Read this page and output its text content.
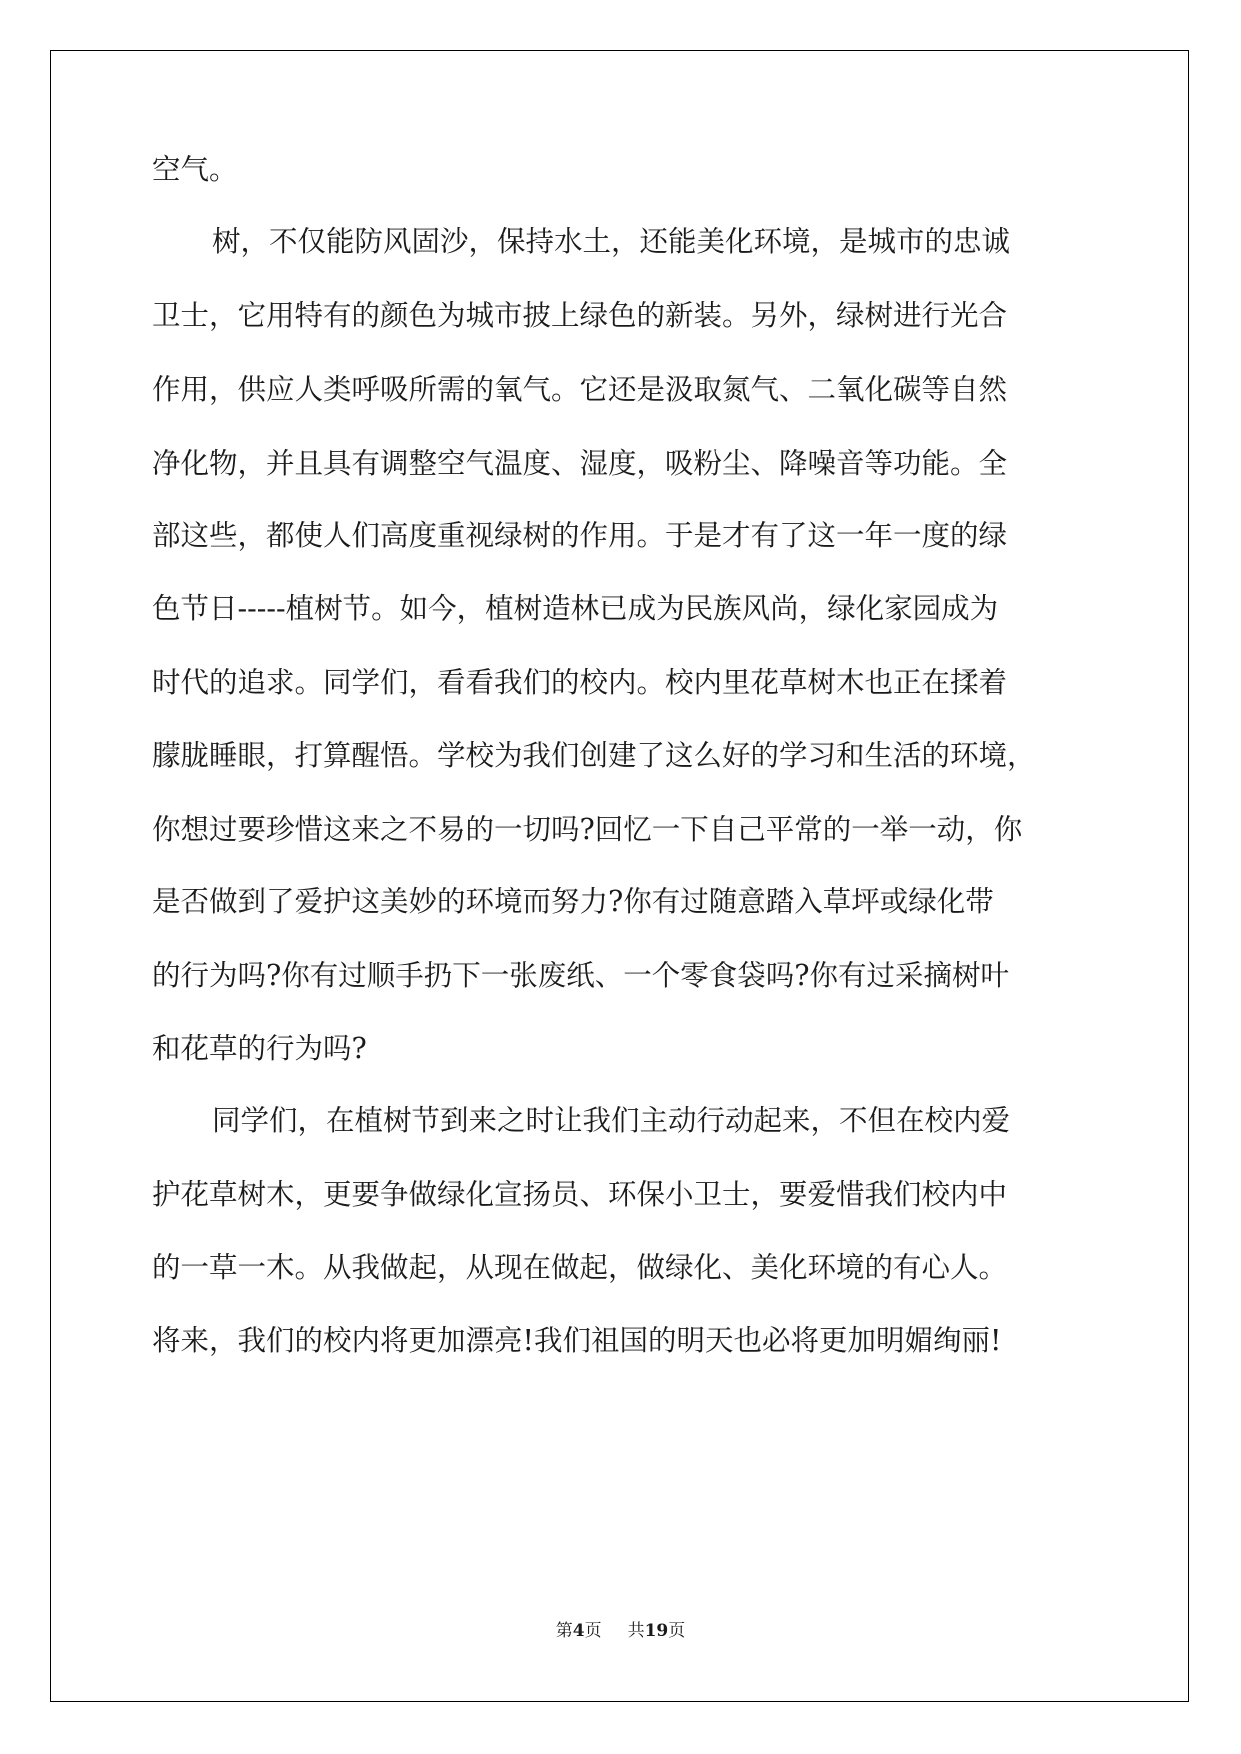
空气。
树，不仅能防风固沙，保持水土，还能美化环境，是城市的忠诚
卫士，它用特有的颜色为城市披上绿色的新装。另外，绿树进行光合
作用，供应人类呼吸所需的氧气。它还是汲取氮气、二氧化碳等自然
净化物，并且具有调整空气温度、湿度，吸粉尘、降噪音等功能。全
部这些，都使人们高度重视绿树的作用。于是才有了这一年一度的绿
色节日-----植树节。如今，植树造林已成为民族风尚，绿化家园成为
时代的追求。同学们，看看我们的校内。校内里花草树木也正在揉着
朦胧睡眼，打算醒悟。学校为我们创建了这么好的学习和生活的环境，
你想过要珍惜这来之不易的一切吗?回忆一下自己平常的一举一动，你
是否做到了爱护这美妙的环境而努力?你有过随意踏入草坪或绿化带
的行为吗?你有过顺手扔下一张废纸、一个零食袋吗?你有过采摘树叶
和花草的行为吗?
同学们，在植树节到来之时让我们主动行动起来，不但在校内爱
护花草树木，更要争做绿化宣扬员、环保小卫士，要爱惜我们校内中
的一草一木。从我做起，从现在做起，做绿化、美化环境的有心人。
将来，我们的校内将更加漂亮!我们祖国的明天也必将更加明媚绚丽!
第4页 共19页
